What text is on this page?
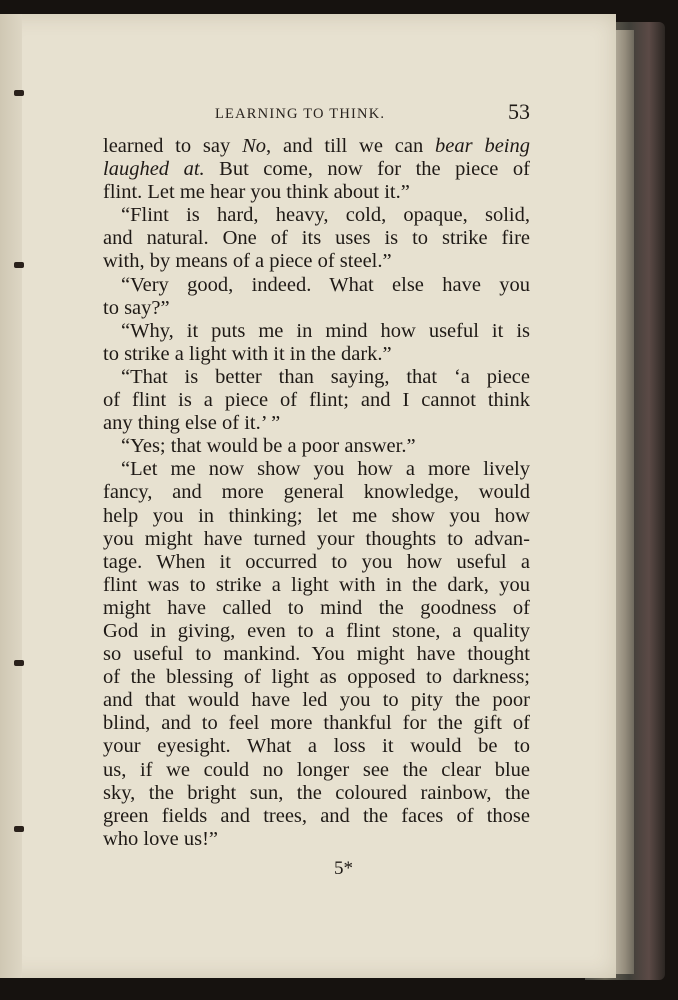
LEARNING TO THINK.	53
learned to say No, and till we can bear being
laughed at. But come, now for the piece of
flint. Let me hear you think about it.”
“Flint is hard, heavy, cold, opaque, solid,
and natural. One of its uses is to strike fire
with, by means of a piece of steel.”
“Very good, indeed. What else have you
to say?”
“Why, it puts me in mind how useful it is
to strike a light with it in the dark.”
“That is better than saying, that ‘a piece
of flint is a piece of flint; and I cannot think
any thing else of it.’ ”
“Yes; that would be a poor answer.”
“Let me now show you how a more lively
fancy, and more general knowledge, would
help you in thinking; let me show you how
you might have turned your thoughts to advan-
tage. When it occurred to you how useful a
flint was to strike a light with in the dark, you
might have called to mind the goodness of
God in giving, even to a flint stone, a quality
so useful to mankind. You might have thought
of the blessing of light as opposed to darkness;
and that would have led you to pity the poor
blind, and to feel more thankful for the gift of
your eyesight. What a loss it would be to
us, if we could no longer see the clear blue
sky, the bright sun, the coloured rainbow, the
green fields and trees, and the faces of those
who love us!”
5*
